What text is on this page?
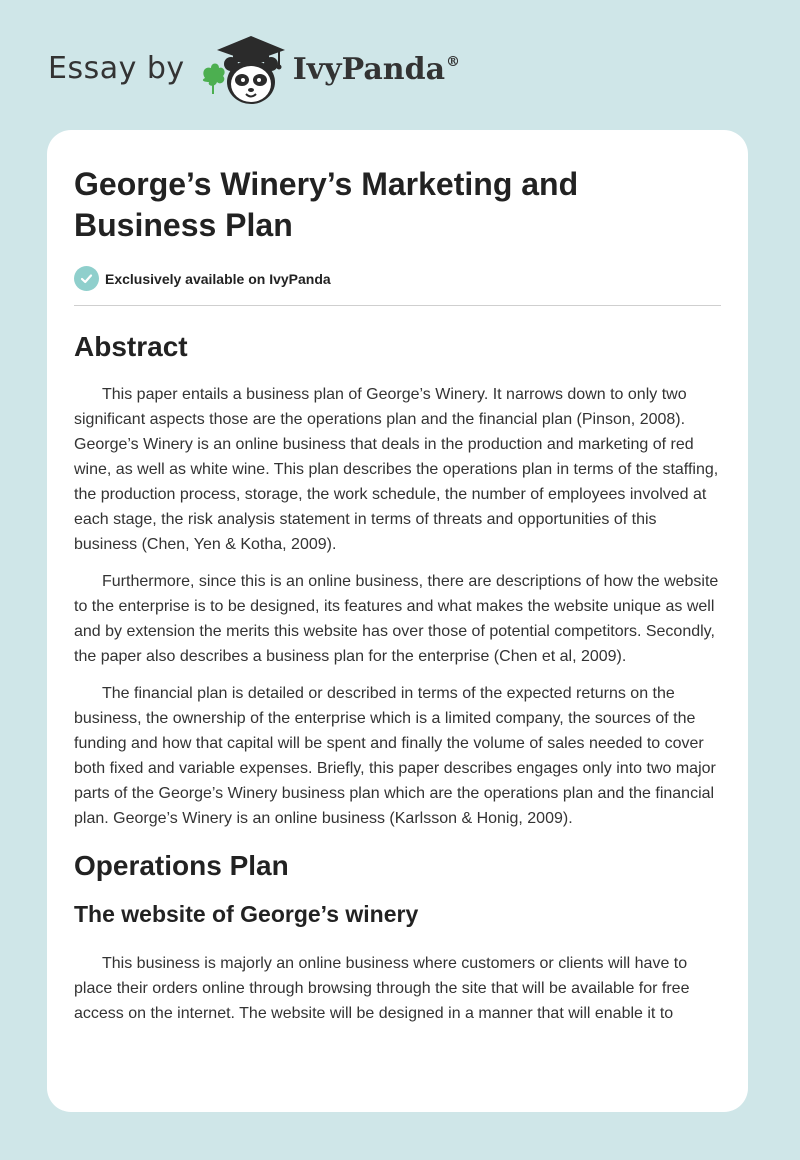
Essay by	IvyPanda®
George’s Winery’s Marketing and Business Plan
Exclusively available on IvyPanda
Abstract

This paper entails a business plan of George’s Winery. It narrows down to only two significant aspects those are the operations plan and the financial plan (Pinson, 2008). George’s Winery is an online business that deals in the production and marketing of red wine, as well as white wine. This plan describes the operations plan in terms of the staffing, the production process, storage, the work schedule, the number of employees involved at each stage, the risk analysis statement in terms of threats and opportunities of this business (Chen, Yen & Kotha, 2009).

Furthermore, since this is an online business, there are descriptions of how the website to the enterprise is to be designed, its features and what makes the website unique as well and by extension the merits this website has over those of potential competitors. Secondly, the paper also describes a business plan for the enterprise (Chen et al, 2009).

The financial plan is detailed or described in terms of the expected returns on the business, the ownership of the enterprise which is a limited company, the sources of the funding and how that capital will be spent and finally the volume of sales needed to cover both fixed and variable expenses. Briefly, this paper describes engages only into two major parts of the George’s Winery business plan which are the operations plan and the financial plan. George’s Winery is an online business (Karlsson & Honig, 2009).

Operations Plan
The website of George’s winery

This business is majorly an online business where customers or clients will have to place their orders online through browsing through the site that will be available for free access on the internet. The website will be designed in a manner that will enable it to
